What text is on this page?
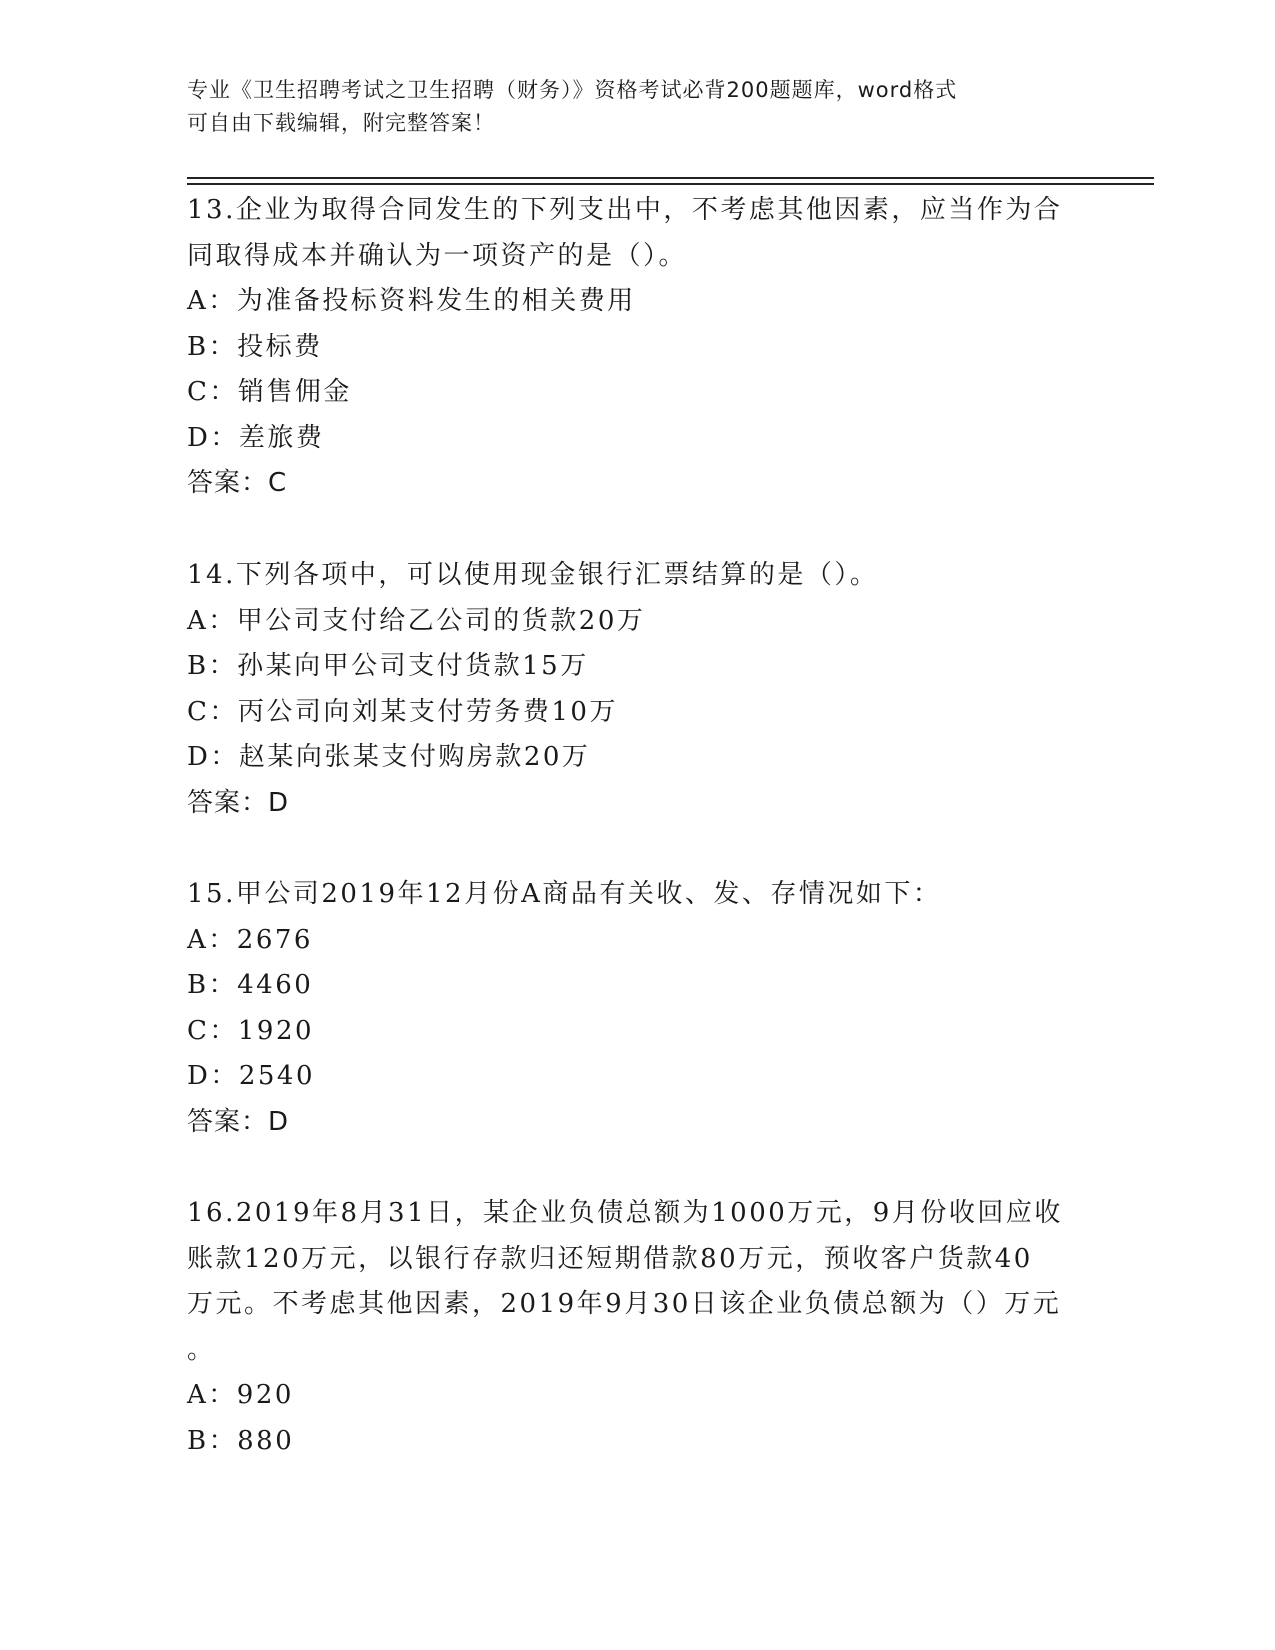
专业《卫生招聘考试之卫生招聘（财务）》资格考试必背200题题库，word格式
可自由下载编辑，附完整答案！
13.企业为取得合同发生的下列支出中，不考虑其他因素，应当作为合
同取得成本并确认为一项资产的是（）。
A：为准备投标资料发生的相关费用
B：投标费
C：销售佣金
D：差旅费
答案：C
14.下列各项中，可以使用现金银行汇票结算的是（）。
A：甲公司支付给乙公司的货款20万
B：孙某向甲公司支付货款15万
C：丙公司向刘某支付劳务费10万
D：赵某向张某支付购房款20万
答案：D
15.甲公司2019年12月份A商品有关收、发、存情况如下：
A：2676
B：4460
C：1920
D：2540
答案：D
16.2019年8月31日，某企业负债总额为1000万元，9月份收回应收
账款120万元，以银行存款归还短期借款80万元，预收客户货款40
万元。不考虑其他因素，2019年9月30日该企业负债总额为（）万元
。
A：920
B：880
